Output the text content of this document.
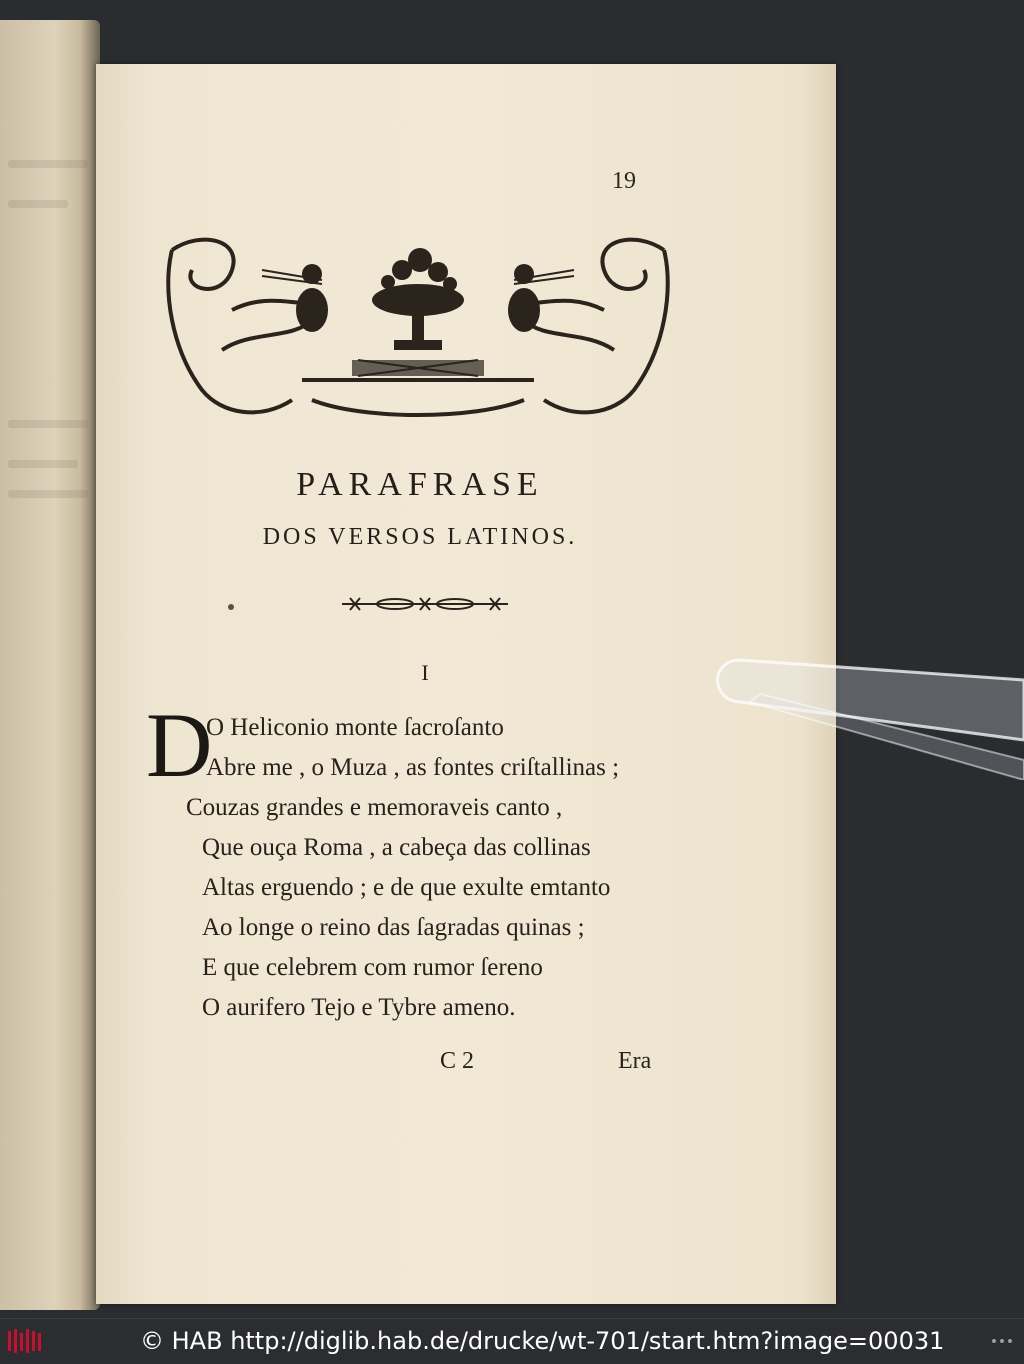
19
PARAFRASE
DOS VERSOS LATINOS.
I
D
O Heliconio monte ſacroſanto
Abre me , o Muza , as fontes criſtallinas ;
Couzas grandes e memoraveis canto ,
Que ouça Roma , a cabeça das collinas
Altas erguendo ; e de que exulte emtanto
Ao longe o reino das ſagradas quinas ;
E que celebrem com rumor ſereno
O aurifero Tejo e Tybre ameno.
C 2	Era
© HAB http://diglib.hab.de/drucke/wt-701/start.htm?image=00031
